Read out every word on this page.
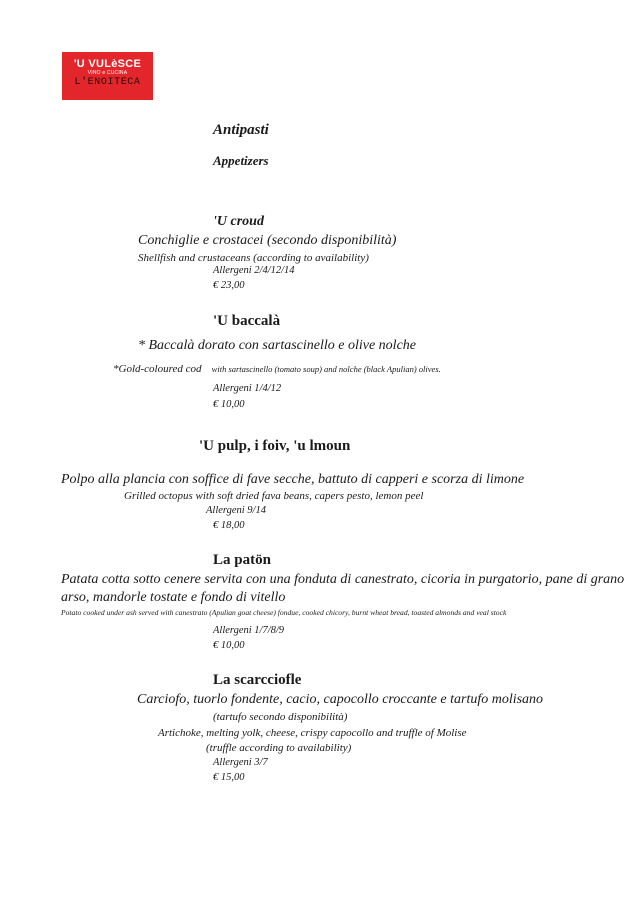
'U VULèSCE
VINO e CUCINA
L'ENOITECA
Antipasti
Appetizers
'U croud
Conchiglie e crostacei (secondo disponibilità)
Shellfish and crustaceans (according to availability)
Allergeni 2/4/12/14
€ 23,00
'U baccalà
* Baccalà dorato con sartascinello e olive nolche
*Gold-coloured cod with sartascinello (tomato soup) and nolche (black Apulian) olives.
Allergeni 1/4/12
€ 10,00
'U pulp, i foiv, 'u lmoun
Polpo alla plancia con soffice di fave secche, battuto di capperi e scorza di limone
Grilled octopus with soft dried fava beans, capers pesto, lemon peel
Allergeni 9/14
€ 18,00
La patön
Patata cotta sotto cenere servita con una fonduta di canestrato, cicoria in purgatorio, pane di grano
arso, mandorle tostate e fondo di vitello
Potato cooked under ash served with canestrato (Apulian goat cheese) fondue, cooked chicory, burnt wheat bread, toasted almonds and veal stock
Allergeni 1/7/8/9
€ 10,00
La scarcciofle
Carciofo, tuorlo fondente, cacio, capocollo croccante e tartufo molisano
(tartufo secondo disponibilità)
Artichoke, melting yolk, cheese, crispy capocollo and truffle of Molise
(truffle according to availability)
Allergeni 3/7
€ 15,00
